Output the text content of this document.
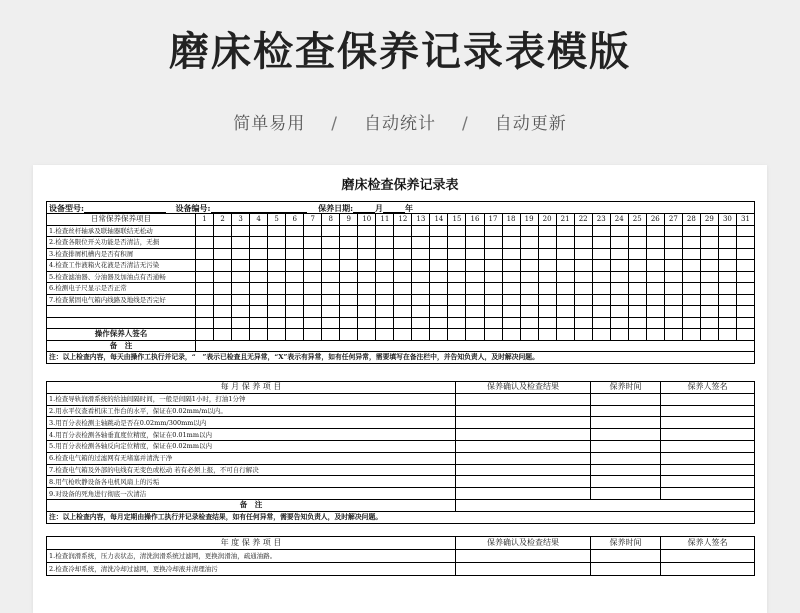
磨床检查保养记录表模版
简单易用 / 自动统计 / 自动更新
磨床检查保养记录表
设备型号: 设备编号: 保养日期: 月 年																															
日常保养保养项目	1	2	3	4	5	6	7	8	9	10	11	12	13	14	15	16	17	18	19	20	21	22	23	24	25	26	27	28	29	30	31
1.检查丝杆轴承及联轴器联结无松动																															
2.检查各限位开关功能是否清洁，无损																															
3.检查排屑机槽内是否有积屑																															
4.检查工作液箱火花液是否清洁无污染																															
5.检查滤油器、分油器及加油点有否通畅																															
6.检测电子尺显示是否正常																															
7.检查紧固电气箱内线路及地线是否完好																															

操作保养人签名																															
备　注																															
注：以上检查内容，每天由操作工执行并记录，“　”表示已检查且无异常，“X”表示有异常，如有任何异常，需要填写在备注栏中，并告知负责人，及时解决问题。																															
每 月 保 养 项 目	保养确认及检查结果	保养时间	保养人签名
1.检查导轨润滑系统的给油间隔时间，一般是间隔1小时，打油1分钟			
2.用水平仪查看机床工作台的水平，保证在0.02mm/m以内。			
3.用百分表检测主轴跳动是否在0.02mm/300mm以内			
4.用百分表检测各轴垂直度位精度，保证在0.01mm以内			
5.用百分表检测各轴反向定位精度，保证在0.02mm以内			
6.检查电气箱的过滤网有无堵塞并清洗干净			
7.检查电气箱及外部的电线有无变色或松动 若有必须上报，不可自行解决			
8.用气枪吹静设备各电机风扇上的污垢			
9.对设备的死角进行彻底一次清洁			
备　注			
注：以上检查内容，每月定期由操作工执行并记录检查结果，如有任何异常，需要告知负责人，及时解决问题。			
年 度 保 养 项 目	保养确认及检查结果	保养时间	保养人签名
1.检查润滑系统，压力表状态，清洗润滑系统过滤网，更换润滑油，疏通油路。			
2.检查冷却系统，清洗冷却过滤网，更换冷却液并清理油污			
